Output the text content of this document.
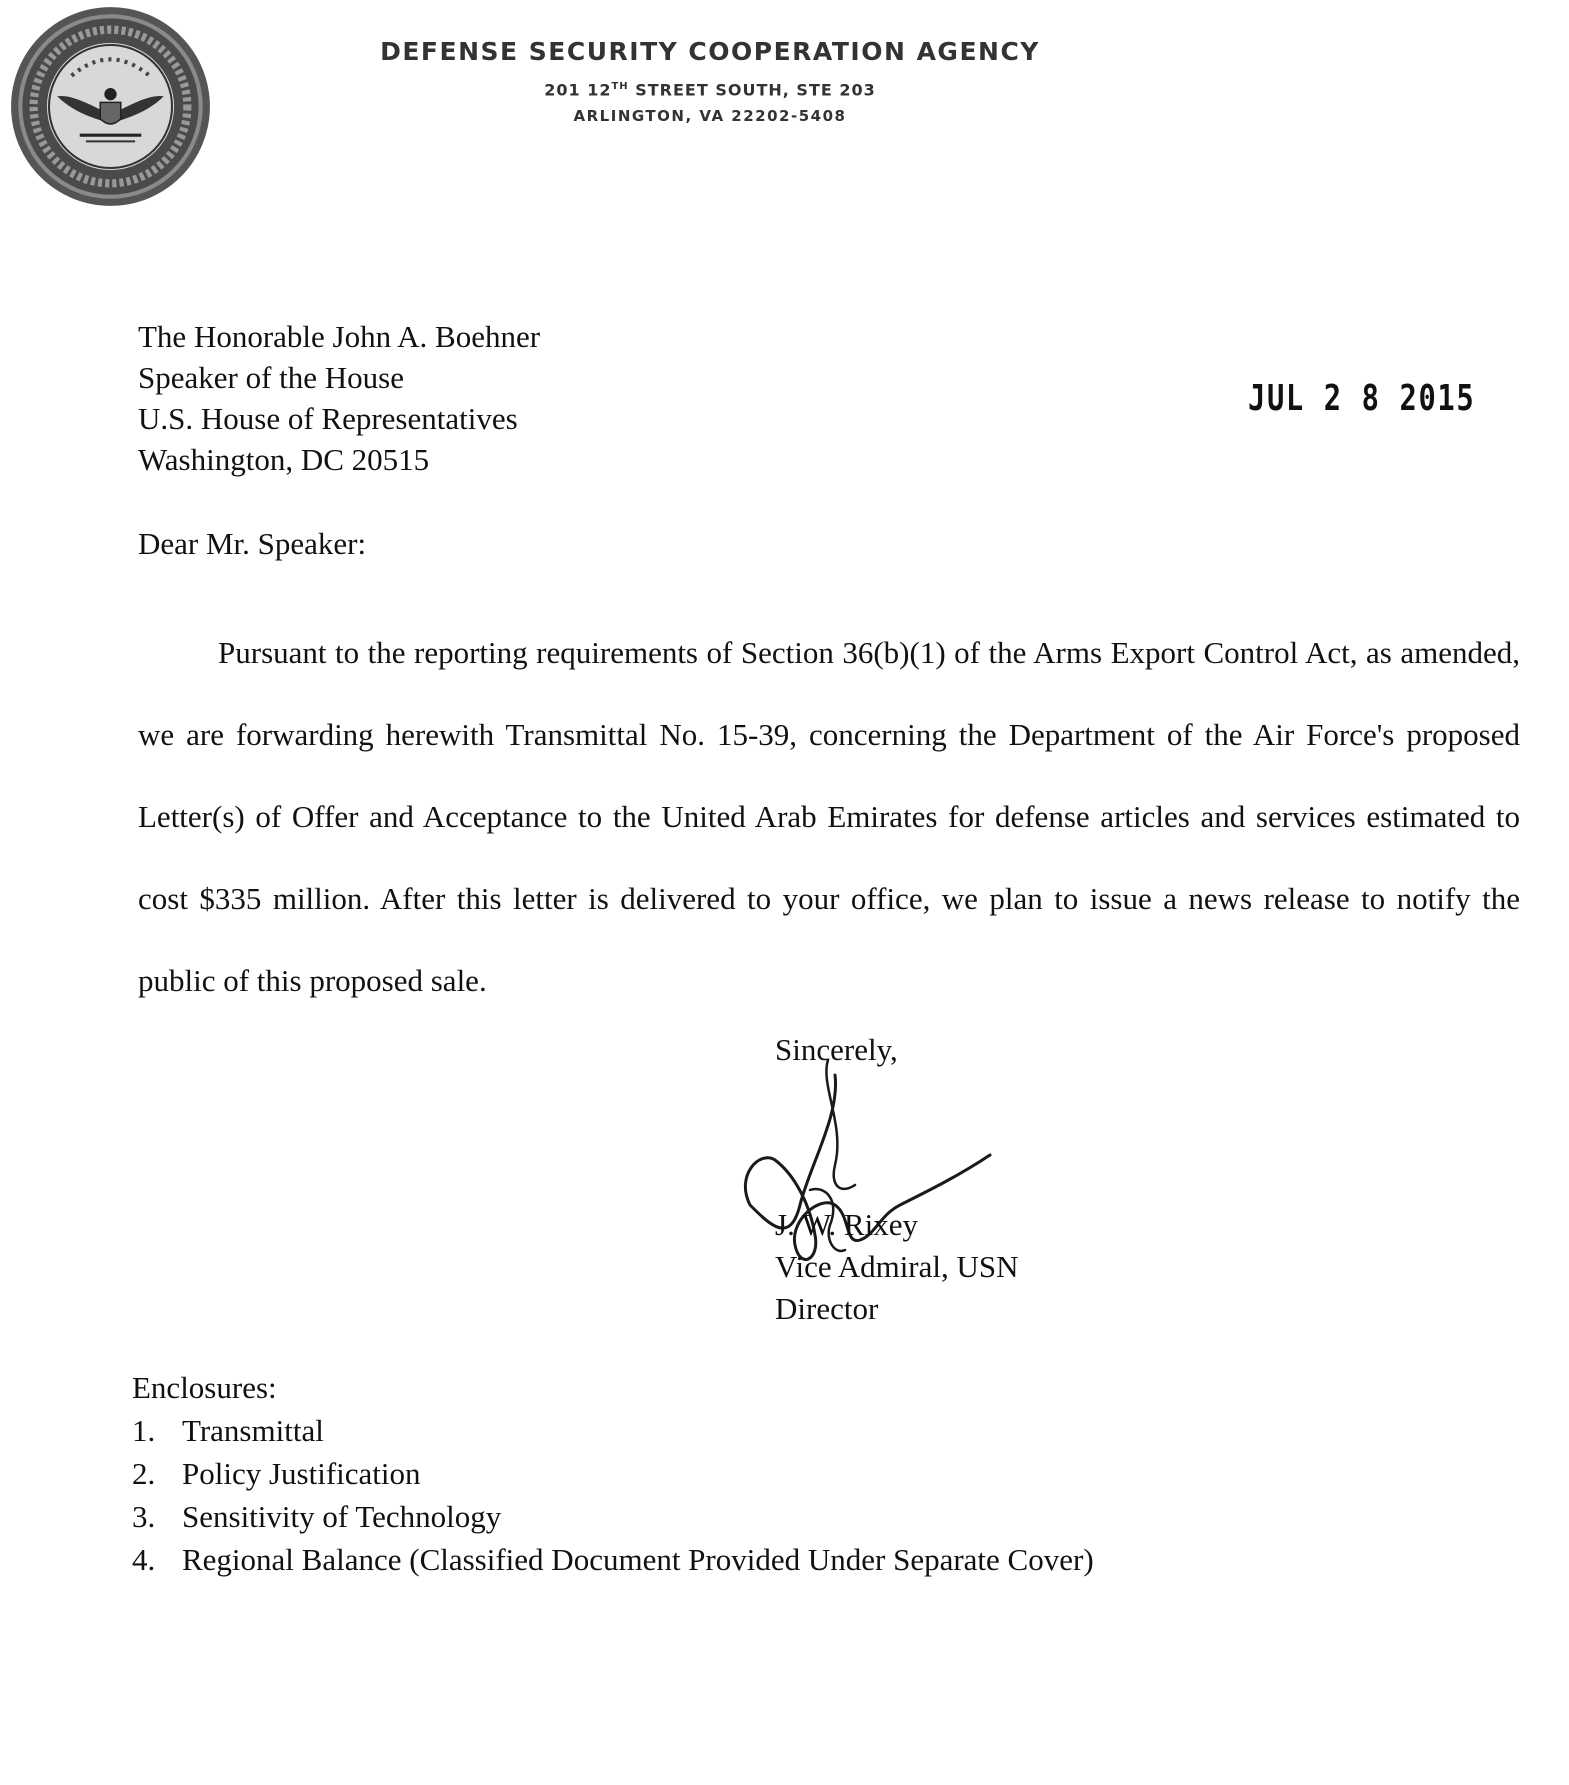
DEFENSE SECURITY COOPERATION AGENCY
201 12TH STREET SOUTH, STE 203
ARLINGTON, VA 22202-5408
The Honorable John A. Boehner
Speaker of the House
U.S. House of Representatives
Washington, DC 20515
JUL 2 8 2015
Dear Mr. Speaker:
Pursuant to the reporting requirements of Section 36(b)(1) of the Arms Export Control Act, as amended, we are forwarding herewith Transmittal No. 15-39, concerning the Department of the Air Force's proposed Letter(s) of Offer and Acceptance to the United Arab Emirates for defense articles and services estimated to cost $335 million. After this letter is delivered to your office, we plan to issue a news release to notify the public of this proposed sale.
Sincerely,
J. W. Rixey
Vice Admiral, USN
Director
Enclosures:
1. Transmittal
2. Policy Justification
3. Sensitivity of Technology
4. Regional Balance (Classified Document Provided Under Separate Cover)
